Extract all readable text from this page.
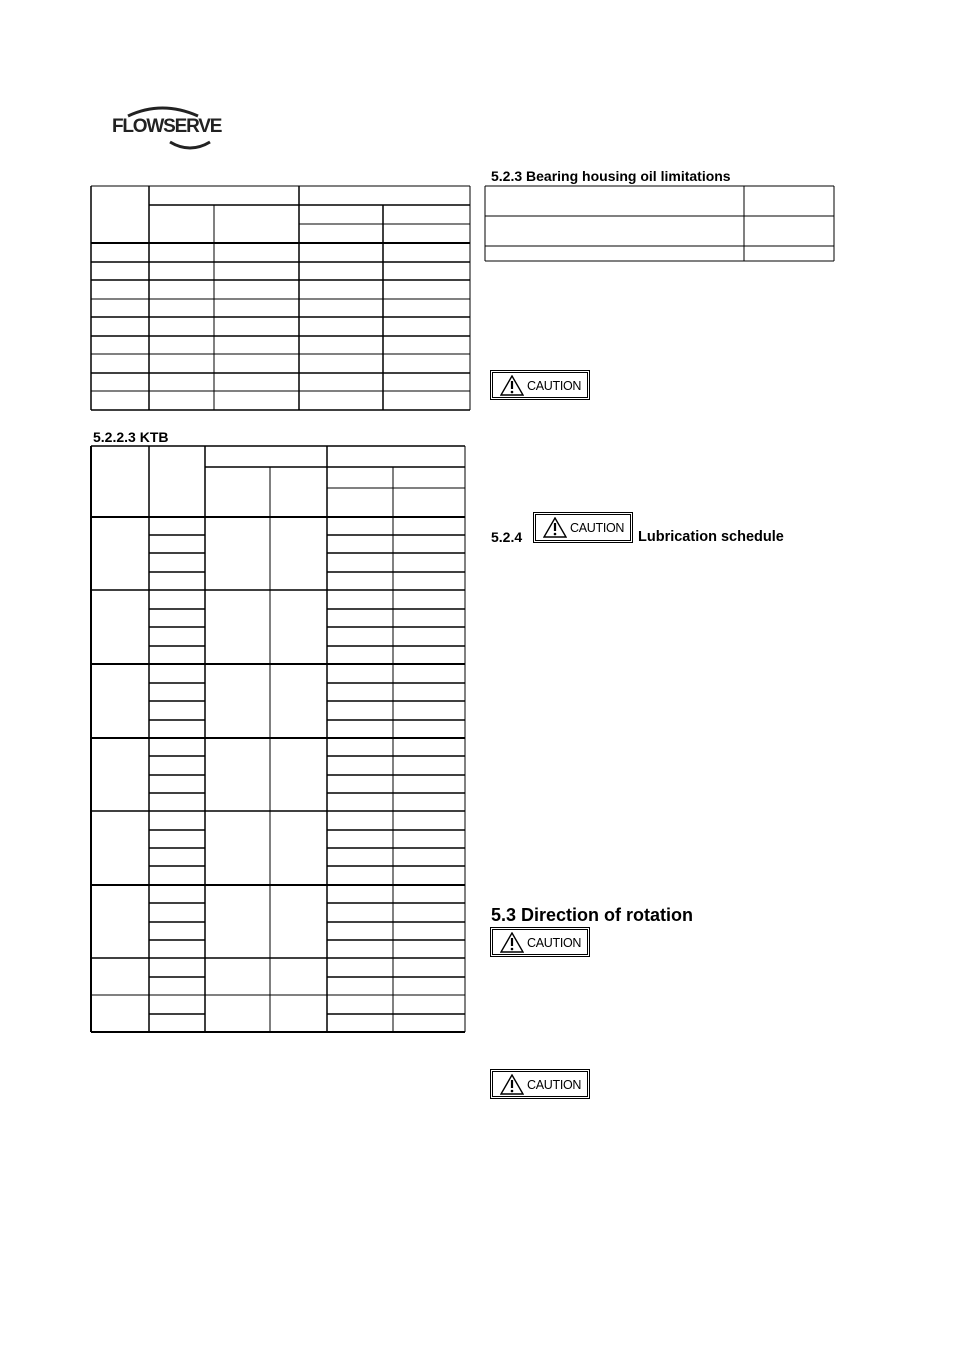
FLOWSERVE
5.2.2.3 KTB
5.2.3 Bearing housing oil limitations
CAUTION
5.2.4
CAUTION
Lubrication schedule
5.3 Direction of rotation
CAUTION
CAUTION
